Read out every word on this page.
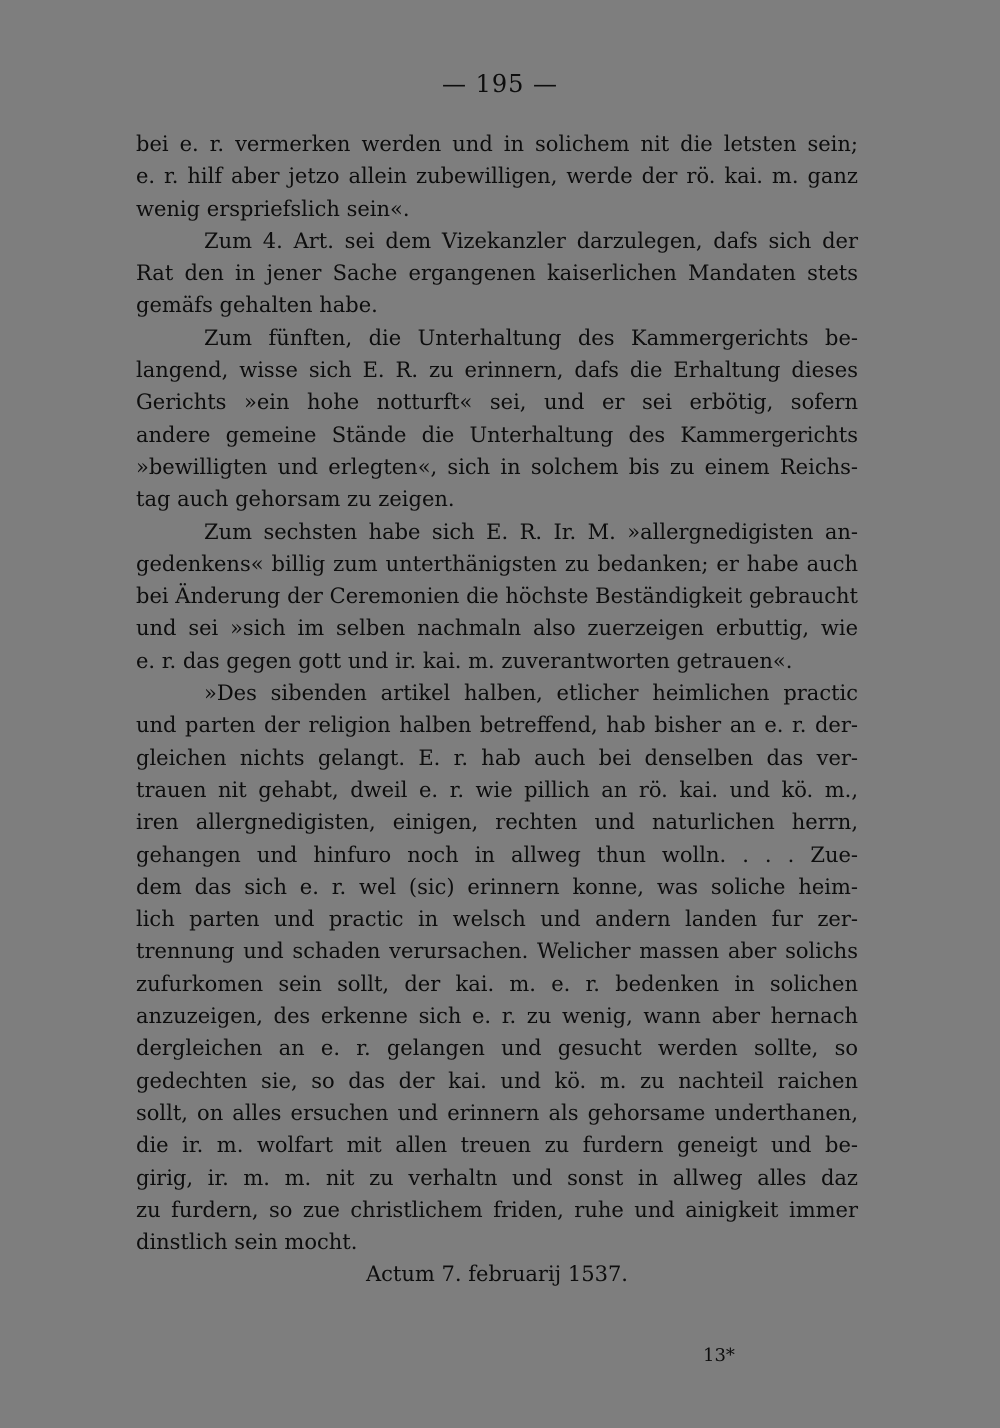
— 195 —
bei e. r. vermerken werden und in solichem nit die letsten sein;
e. r. hilf aber jetzo allein zubewilligen, werde der rö. kai. m. ganz
wenig erspriefslich sein«.
Zum 4. Art. sei dem Vizekanzler darzulegen, dafs sich der
Rat den in jener Sache ergangenen kaiserlichen Mandaten stets
gemäfs gehalten habe.
Zum fünften, die Unterhaltung des Kammergerichts be-
langend, wisse sich E. R. zu erinnern, dafs die Erhaltung dieses
Gerichts »ein hohe notturft« sei, und er sei erbötig, sofern
andere gemeine Stände die Unterhaltung des Kammergerichts
»bewilligten und erlegten«, sich in solchem bis zu einem Reichs-
tag auch gehorsam zu zeigen.
Zum sechsten habe sich E. R. Ir. M. »allergnedigisten an-
gedenkens« billig zum unterthänigsten zu bedanken; er habe auch
bei Änderung der Ceremonien die höchste Beständigkeit gebraucht
und sei »sich im selben nachmaln also zuerzeigen erbuttig, wie
e. r. das gegen gott und ir. kai. m. zuverantworten getrauen«.
»Des sibenden artikel halben, etlicher heimlichen practic
und parten der religion halben betreffend, hab bisher an e. r. der-
gleichen nichts gelangt. E. r. hab auch bei denselben das ver-
trauen nit gehabt, dweil e. r. wie pillich an rö. kai. und kö. m.,
iren allergnedigisten, einigen, rechten und naturlichen herrn,
gehangen und hinfuro noch in allweg thun wolln. . . . Zue-
dem das sich e. r. wel (sic) erinnern konne, was soliche heim-
lich parten und practic in welsch und andern landen fur zer-
trennung und schaden verursachen. Welicher massen aber solichs
zufurkomen sein sollt, der kai. m. e. r. bedenken in solichen
anzuzeigen, des erkenne sich e. r. zu wenig, wann aber hernach
dergleichen an e. r. gelangen und gesucht werden sollte, so
gedechten sie, so das der kai. und kö. m. zu nachteil raichen
sollt, on alles ersuchen und erinnern als gehorsame underthanen,
die ir. m. wolfart mit allen treuen zu furdern geneigt und be-
girig, ir. m. m. nit zu verhaltn und sonst in allweg alles daz
zu furdern, so zue christlichem friden, ruhe und ainigkeit immer
dinstlich sein mocht.
Actum 7. februarij 1537.
13*
